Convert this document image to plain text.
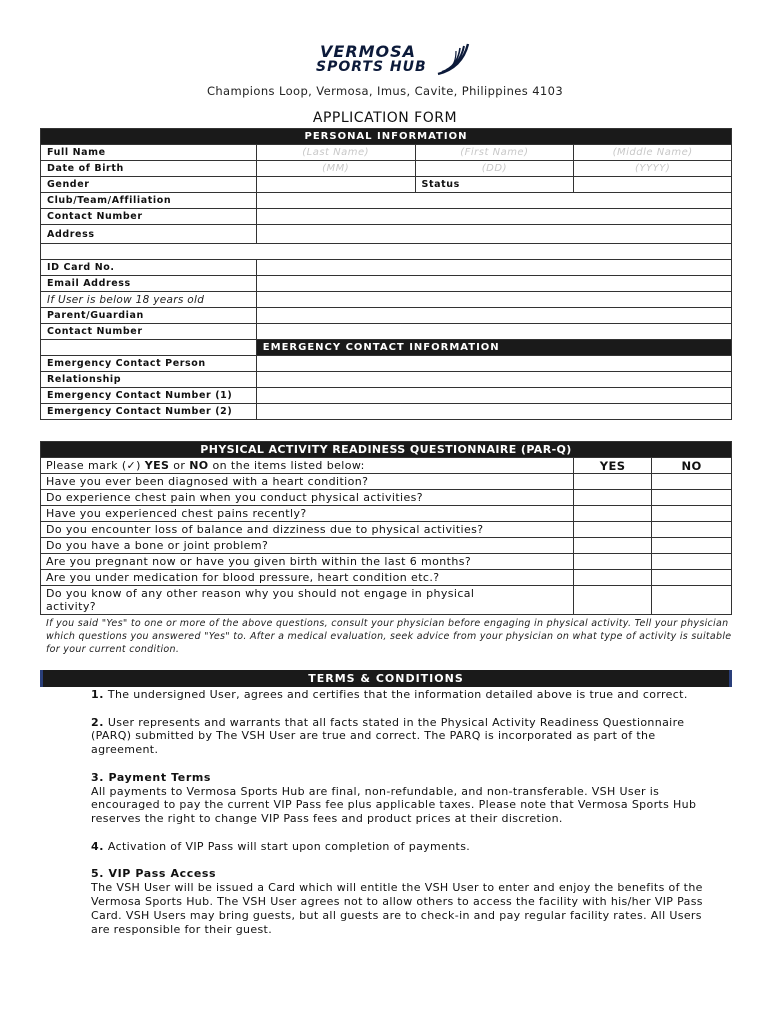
VERMOSA
SPORTS HUB
Champions Loop, Vermosa, Imus, Cavite, Philippines 4103
APPLICATION FORM
PERSONAL INFORMATION			
Full Name	(Last Name)	(First Name)	(Middle Name)
Date of Birth	(MM)	(DD)	(YYYY)
Gender		Status	
Club/Team/Affiliation			
Contact Number			
Address			

ID Card No.			
Email Address			
If User is below 18 years old			
Parent/Guardian			
Contact Number			
	EMERGENCY CONTACT INFORMATION		
Emergency Contact Person			
Relationship			
Emergency Contact Number (1)			
Emergency Contact Number (2)			
PHYSICAL ACTIVITY READINESS QUESTIONNAIRE (PAR-Q)		
Please mark (✓) YES or NO on the items listed below:	YES	NO
Have you ever been diagnosed with a heart condition?		
Do experience chest pain when you conduct physical activities?		
Have you experienced chest pains recently?		
Do you encounter loss of balance and dizziness due to physical activities?		
Do you have a bone or joint problem?		
Are you pregnant now or have you given birth within the last 6 months?		
Are you under medication for blood pressure, heart condition etc.?		
Do you know of any other reason why you should not engage in physical activity?		
If you said "Yes" to one or more of the above questions, consult your physician before engaging in physical activity. Tell your physician which questions you answered "Yes" to. After a medical evaluation, seek advice from your physician on what type of activity is suitable for your current condition.
TERMS & CONDITIONS

1. The undersigned User, agrees and certifies that the information detailed above is true and correct.

2. User represents and warrants that all facts stated in the Physical Activity Readiness Questionnaire (PARQ) submitted by The VSH User are true and correct. The PARQ is incorporated as part of the agreement.

3. Payment Terms
All payments to Vermosa Sports Hub are final, non-refundable, and non-transferable. VSH User is encouraged to pay the current VIP Pass fee plus applicable taxes. Please note that Vermosa Sports Hub reserves the right to change VIP Pass fees and product prices at their discretion.

4. Activation of VIP Pass will start upon completion of payments.

5. VIP Pass Access
The VSH User will be issued a Card which will entitle the VSH User to enter and enjoy the benefits of the Vermosa Sports Hub. The VSH User agrees not to allow others to access the facility with his/her VIP Pass Card. VSH Users may bring guests, but all guests are to check-in and pay regular facility rates. All Users are responsible for their guest.
